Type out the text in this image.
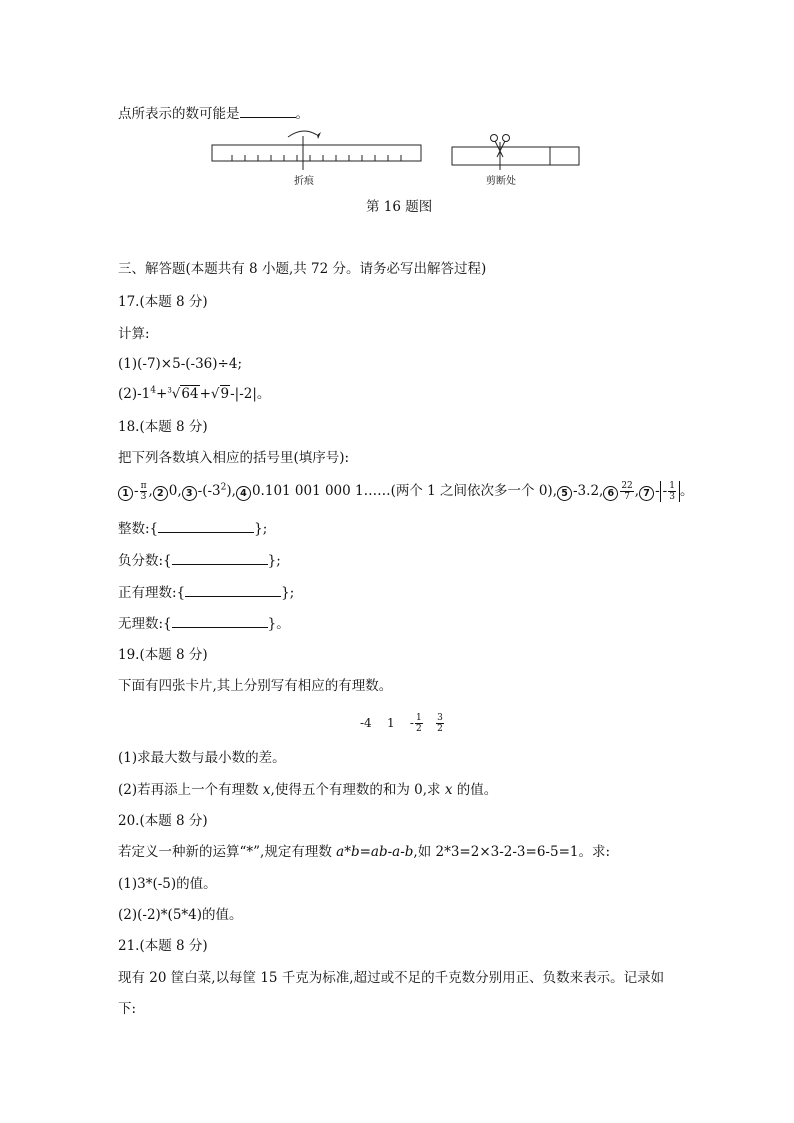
点所表示的数可能是	。
折痕	剪断处
第 16 题图
三、解答题(本题共有 8 小题,共 72 分。请务必写出解答过程)
17.(本题 8 分)
计算:
(1)(-7)×5-(-36)÷4;
$(2)-1^4+^3√64+√9-|-2|$。
18.(本题 8 分)
把下列各数填入相应的括号里(填序号):
$1 - \frac{\pi}{3}$ , 2 0, 3 $-(-3^2)$, 4 0.101 001 000 1……(两个 1 之间依次多一个 0), 5 -3.2, $6 \frac{22}{7}$ , 7 - - $\frac{1}{3}$ 。
整数:{	};
负分数:{	};
正有理数:{	};
无理数:{	}。
19.(本题 8 分)
下面有四张卡片,其上分别写有相应的有理数。
-4 $1 - \frac{1}{2}$
$\frac{3}{2}$
(1)求最大数与最小数的差。
(2)若再添上一个有理数 x,使得五个有理数的和为 0,求 x 的值。
20.(本题 8 分)
若定义一种新的运算“*”,规定有理数 a*b=ab-a-b,如 2*3=2×3-2-3=6-5=1。求:
(1)3*(-5)的值。
(2)(-2)*(5*4)的值。
21.(本题 8 分)
现有 20 筐白菜,以每筐 15 千克为标准,超过或不足的千克数分别用正、负数来表示。记录如
下:
